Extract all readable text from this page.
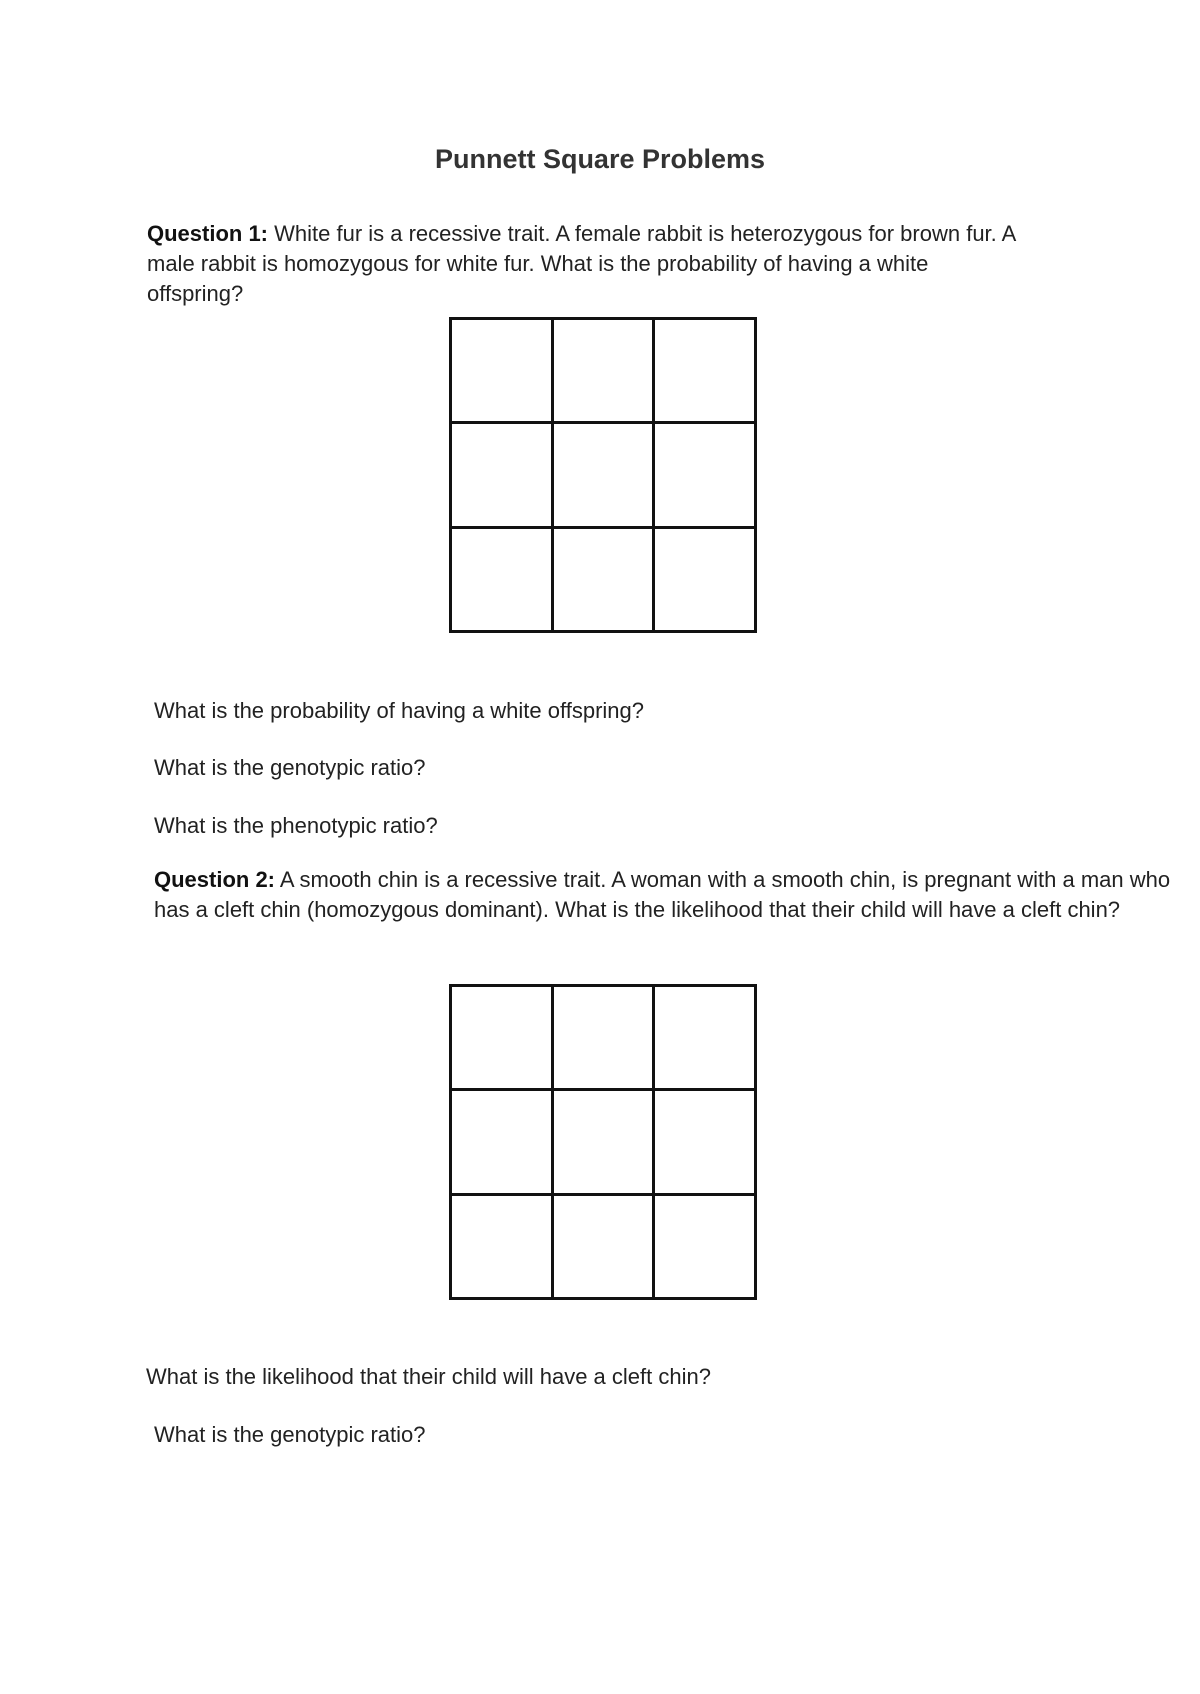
Punnett Square Problems
Question 1: White fur is a recessive trait. A female rabbit is heterozygous for brown fur. A male rabbit is homozygous for white fur. What is the probability of having a white offspring?
What is the probability of having a white offspring?
What is the genotypic ratio?
What is the phenotypic ratio?
Question 2: A smooth chin is a recessive trait. A woman with a smooth chin, is pregnant with a man who has a cleft chin (homozygous dominant). What is the likelihood that their child will have a cleft chin?
What is the likelihood that their child will have a cleft chin?
What is the genotypic ratio?
